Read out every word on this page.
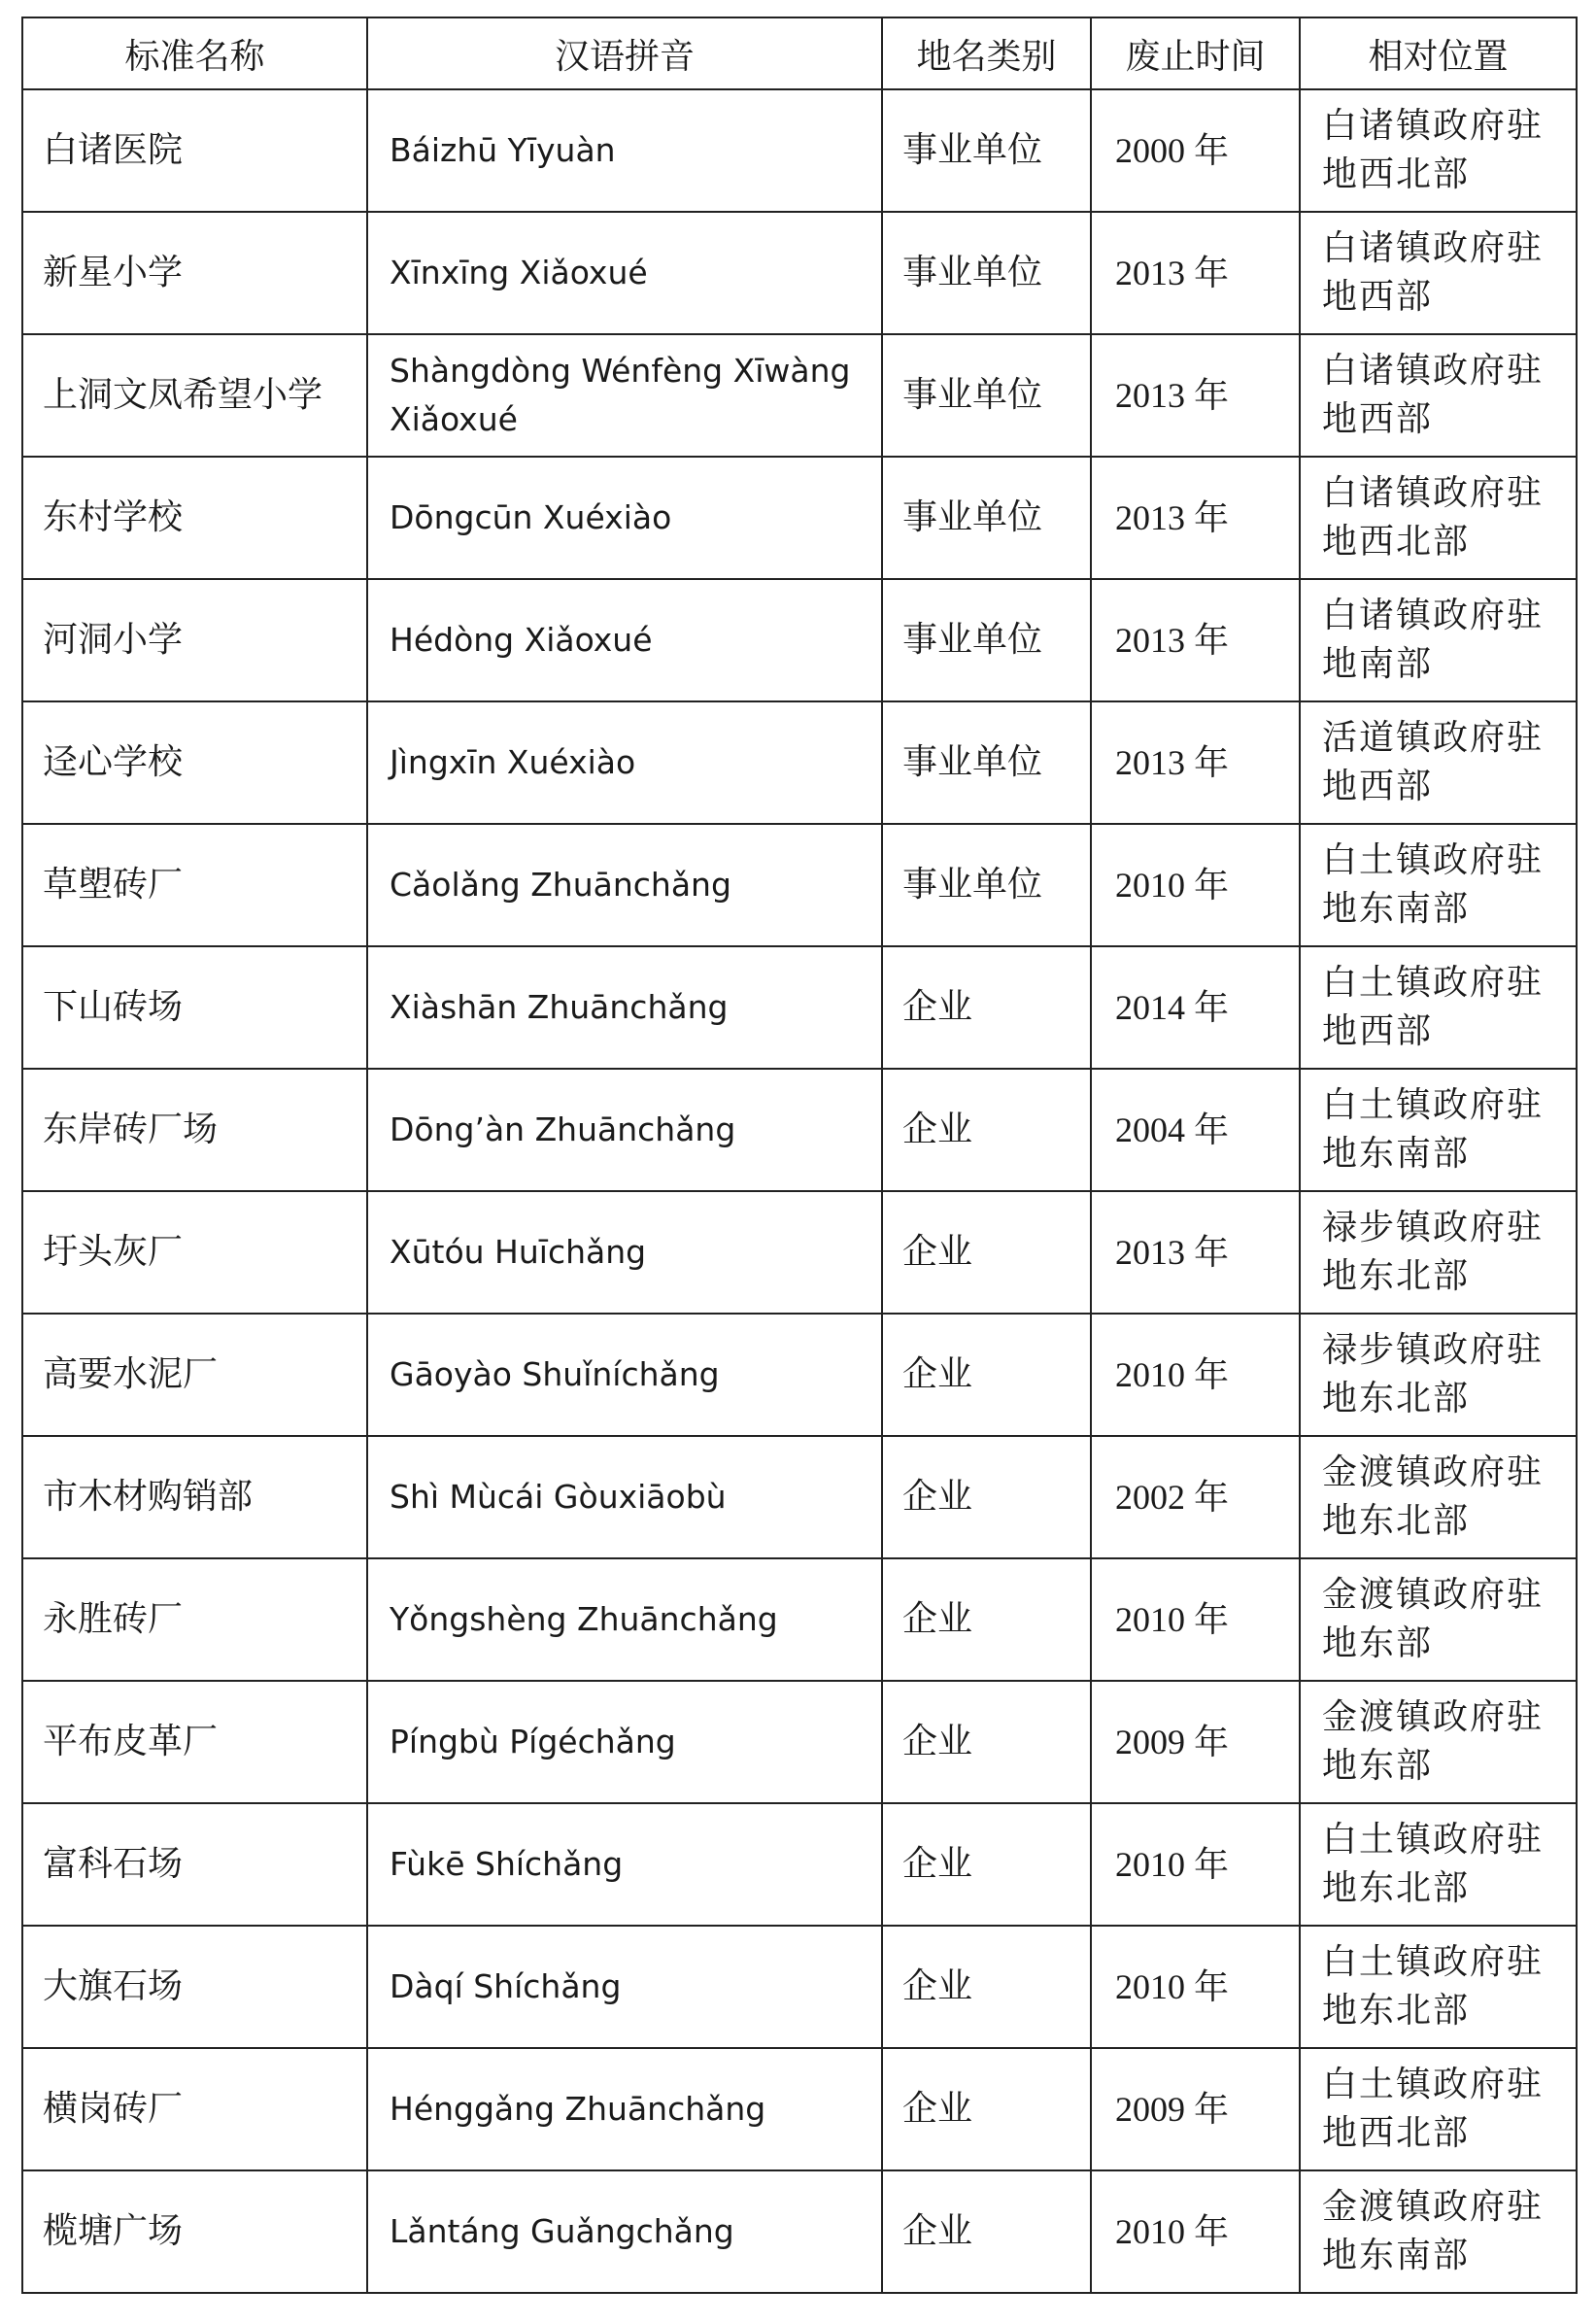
标准名称	汉语拼音	地名类别	废止时间	相对位置
白诸医院	Báizhū Yīyuàn	事业单位	2000 年	白诸镇政府驻地西北部
新星小学	Xīnxīng Xiǎoxué	事业单位	2013 年	白诸镇政府驻地西部
上洞文凤希望小学	Shàngdòng Wénfèng Xīwàng Xiǎoxué	事业单位	2013 年	白诸镇政府驻地西部
东村学校	Dōngcūn Xuéxiào	事业单位	2013 年	白诸镇政府驻地西北部
河洞小学	Hédòng Xiǎoxué	事业单位	2013 年	白诸镇政府驻地南部
迳心学校	Jìngxīn Xuéxiào	事业单位	2013 年	活道镇政府驻地西部
草塱砖厂	Cǎolǎng Zhuānchǎng	事业单位	2010 年	白土镇政府驻地东南部
下山砖场	Xiàshān Zhuānchǎng	企业	2014 年	白土镇政府驻地西部
东岸砖厂场	Dōng’àn Zhuānchǎng	企业	2004 年	白土镇政府驻地东南部
圩头灰厂	Xūtóu Huīchǎng	企业	2013 年	禄步镇政府驻地东北部
高要水泥厂	Gāoyào Shuǐníchǎng	企业	2010 年	禄步镇政府驻地东北部
市木材购销部	Shì Mùcái Gòuxiāobù	企业	2002 年	金渡镇政府驻地东北部
永胜砖厂	Yǒngshèng Zhuānchǎng	企业	2010 年	金渡镇政府驻地东部
平布皮革厂	Píngbù Pígéchǎng	企业	2009 年	金渡镇政府驻地东部
富科石场	Fùkē Shíchǎng	企业	2010 年	白土镇政府驻地东北部
大旗石场	Dàqí Shíchǎng	企业	2010 年	白土镇政府驻地东北部
横岗砖厂	Hénggǎng Zhuānchǎng	企业	2009 年	白土镇政府驻地西北部
榄塘广场	Lǎntáng Guǎngchǎng	企业	2010 年	金渡镇政府驻地东南部
